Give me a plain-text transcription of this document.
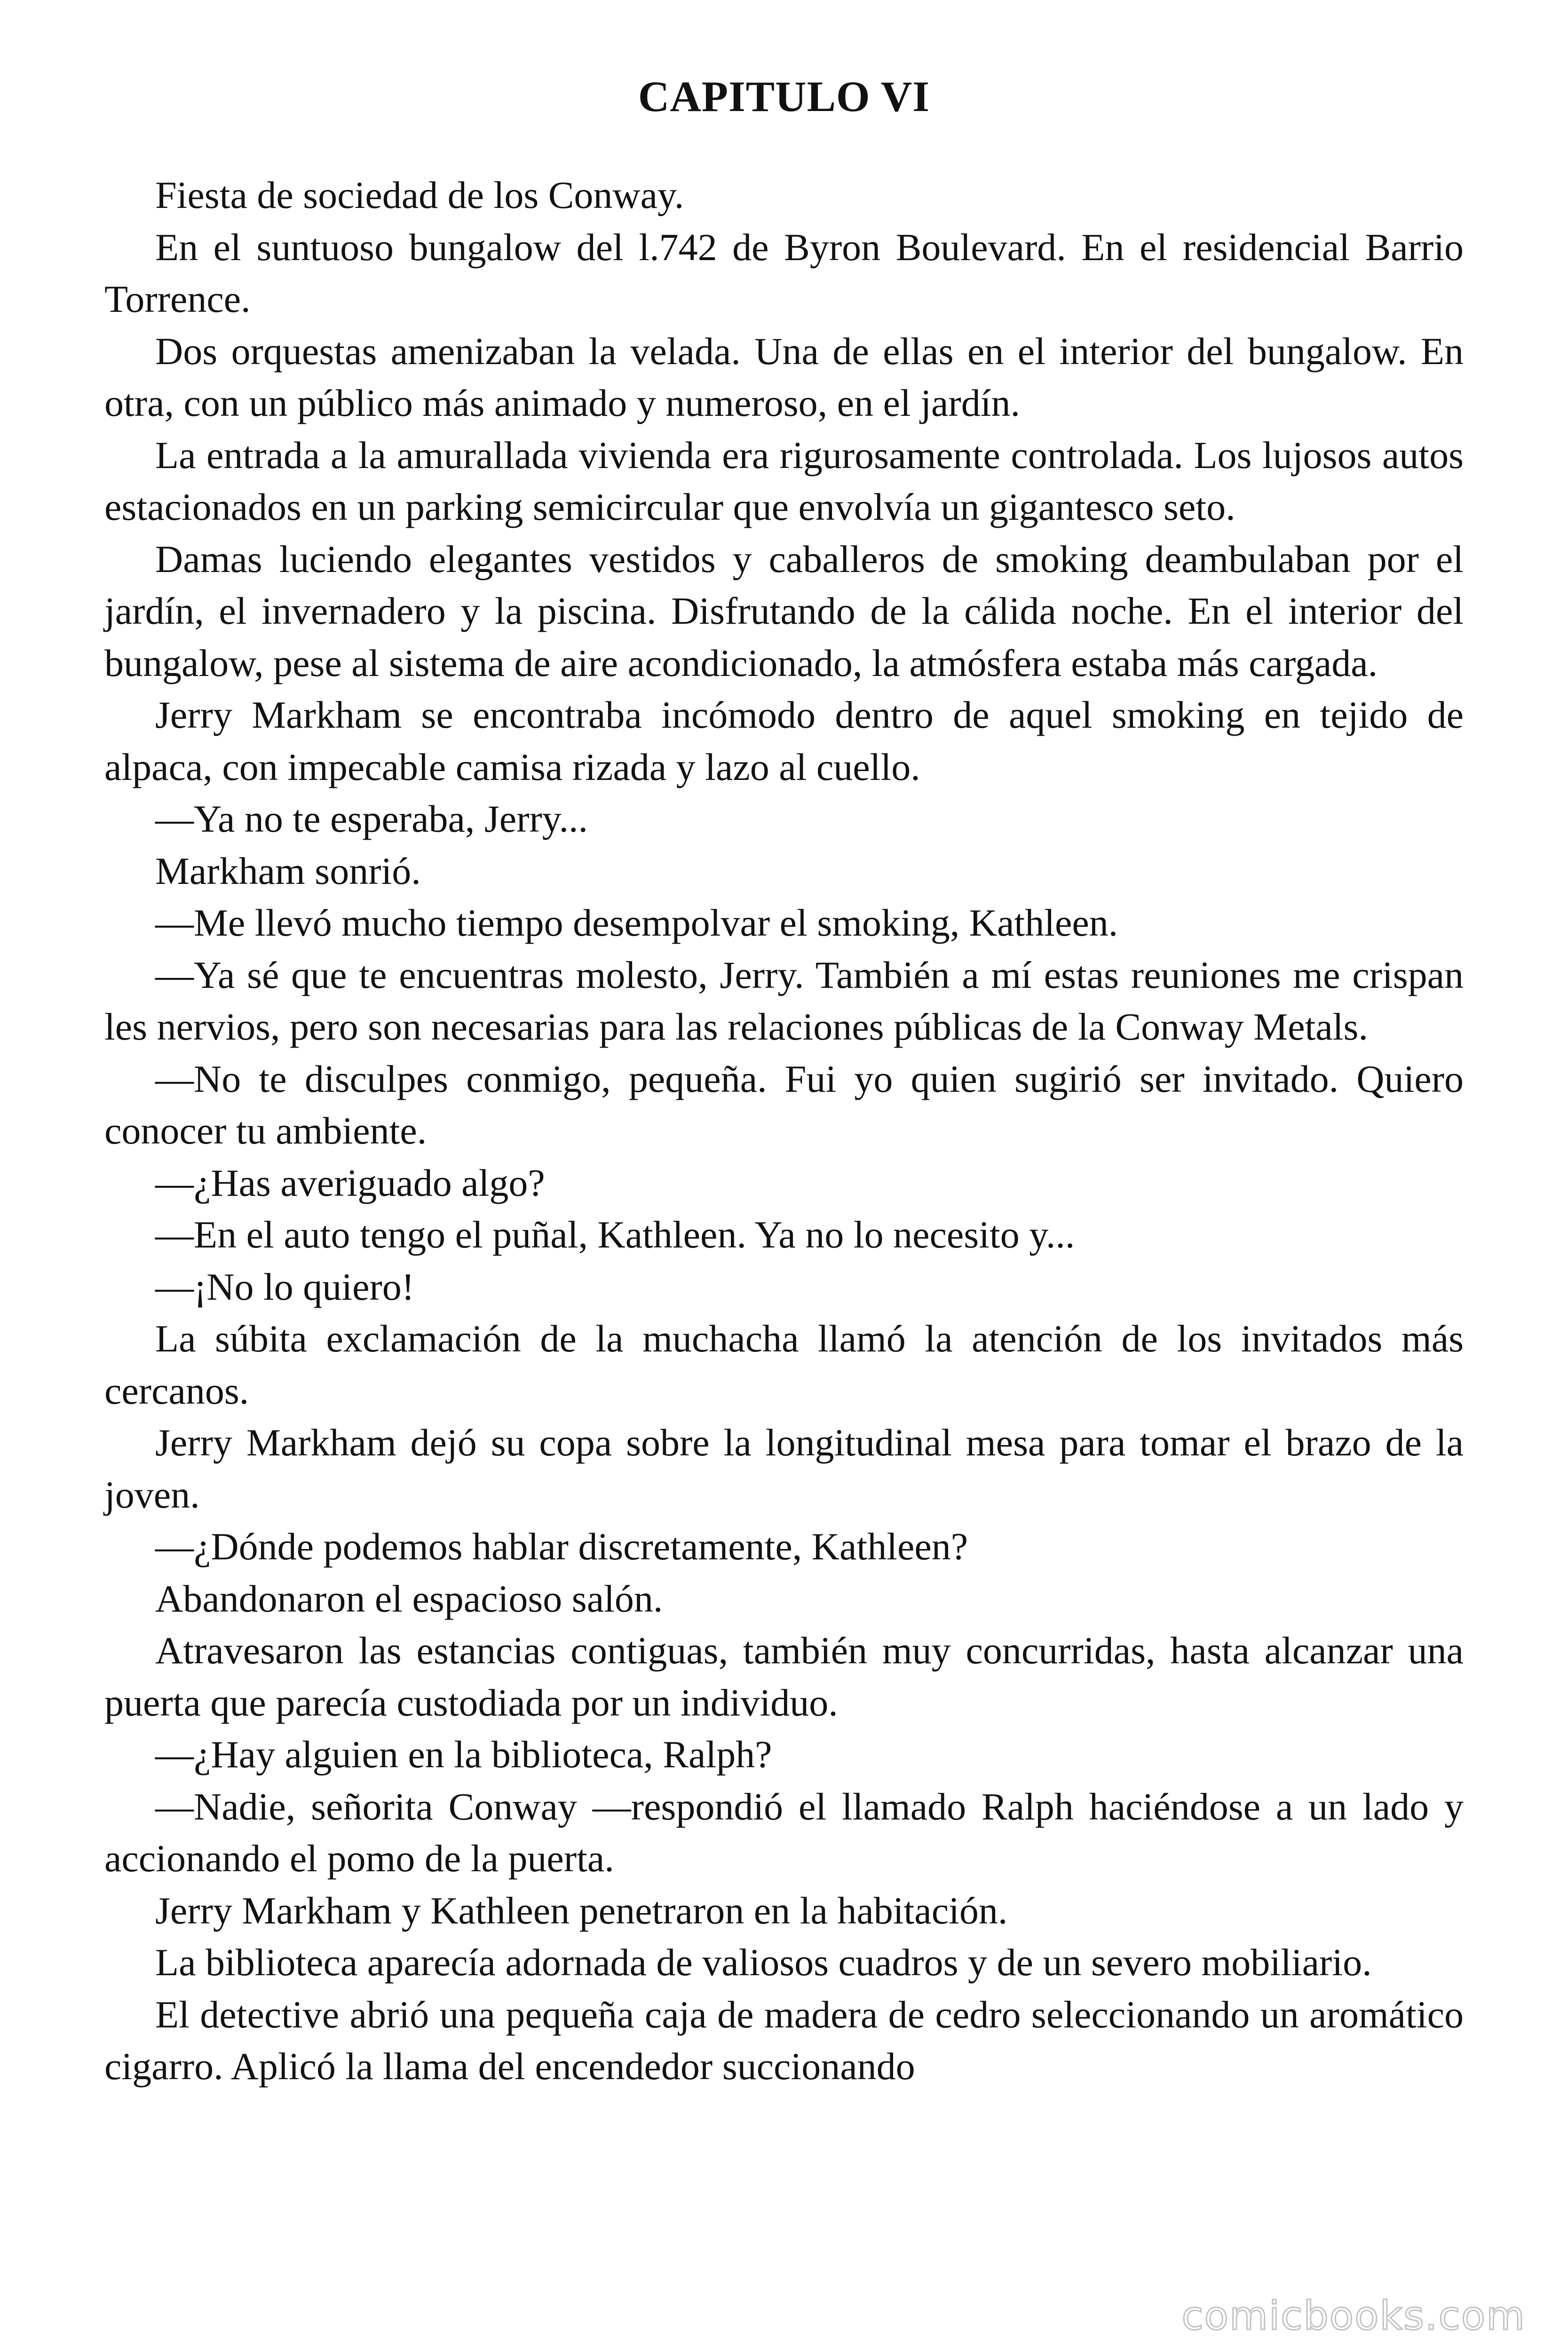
CAPITULO VI

Fiesta de sociedad de los Conway.

En el suntuoso bungalow del l.742 de Byron Boulevard. En el residencial Barrio Torrence.

Dos orquestas amenizaban la velada. Una de ellas en el interior del bungalow. En otra, con un público más animado y numeroso, en el jardín.

La entrada a la amurallada vivienda era rigurosamente controlada. Los lujosos autos estacionados en un parking semicircular que envolvía un gigantesco seto.

Damas luciendo elegantes vestidos y caballeros de smoking deambulaban por el jardín, el invernadero y la piscina. Disfrutando de la cálida noche. En el interior del bungalow, pese al sistema de aire acondicionado, la atmósfera estaba más cargada.

Jerry Markham se encontraba incómodo dentro de aquel smoking en tejido de alpaca, con impecable camisa rizada y lazo al cuello.

—Ya no te esperaba, Jerry...

Markham sonrió.

—Me llevó mucho tiempo desempolvar el smoking, Kathleen.

—Ya sé que te encuentras molesto, Jerry. También a mí estas reuniones me crispan les nervios, pero son necesarias para las relaciones públicas de la Conway Metals.

—No te disculpes conmigo, pequeña. Fui yo quien sugirió ser invitado. Quiero conocer tu ambiente.

—¿Has averiguado algo?

—En el auto tengo el puñal, Kathleen. Ya no lo necesito y...

—¡No lo quiero!

La súbita exclamación de la muchacha llamó la atención de los invitados más cercanos.

Jerry Markham dejó su copa sobre la longitudinal mesa para tomar el brazo de la joven.

—¿Dónde podemos hablar discretamente, Kathleen?

Abandonaron el espacioso salón.

Atravesaron las estancias contiguas, también muy concurridas, hasta alcanzar una puerta que parecía custodiada por un individuo.

—¿Hay alguien en la biblioteca, Ralph?

—Nadie, señorita Conway —respondió el llamado Ralph haciéndose a un lado y accionando el pomo de la puerta.

Jerry Markham y Kathleen penetraron en la habitación.

La biblioteca aparecía adornada de valiosos cuadros y de un severo mobiliario.

El detective abrió una pequeña caja de madera de cedro seleccionando un aromático cigarro. Aplicó la llama del encendedor succionando

comicbooks.com
